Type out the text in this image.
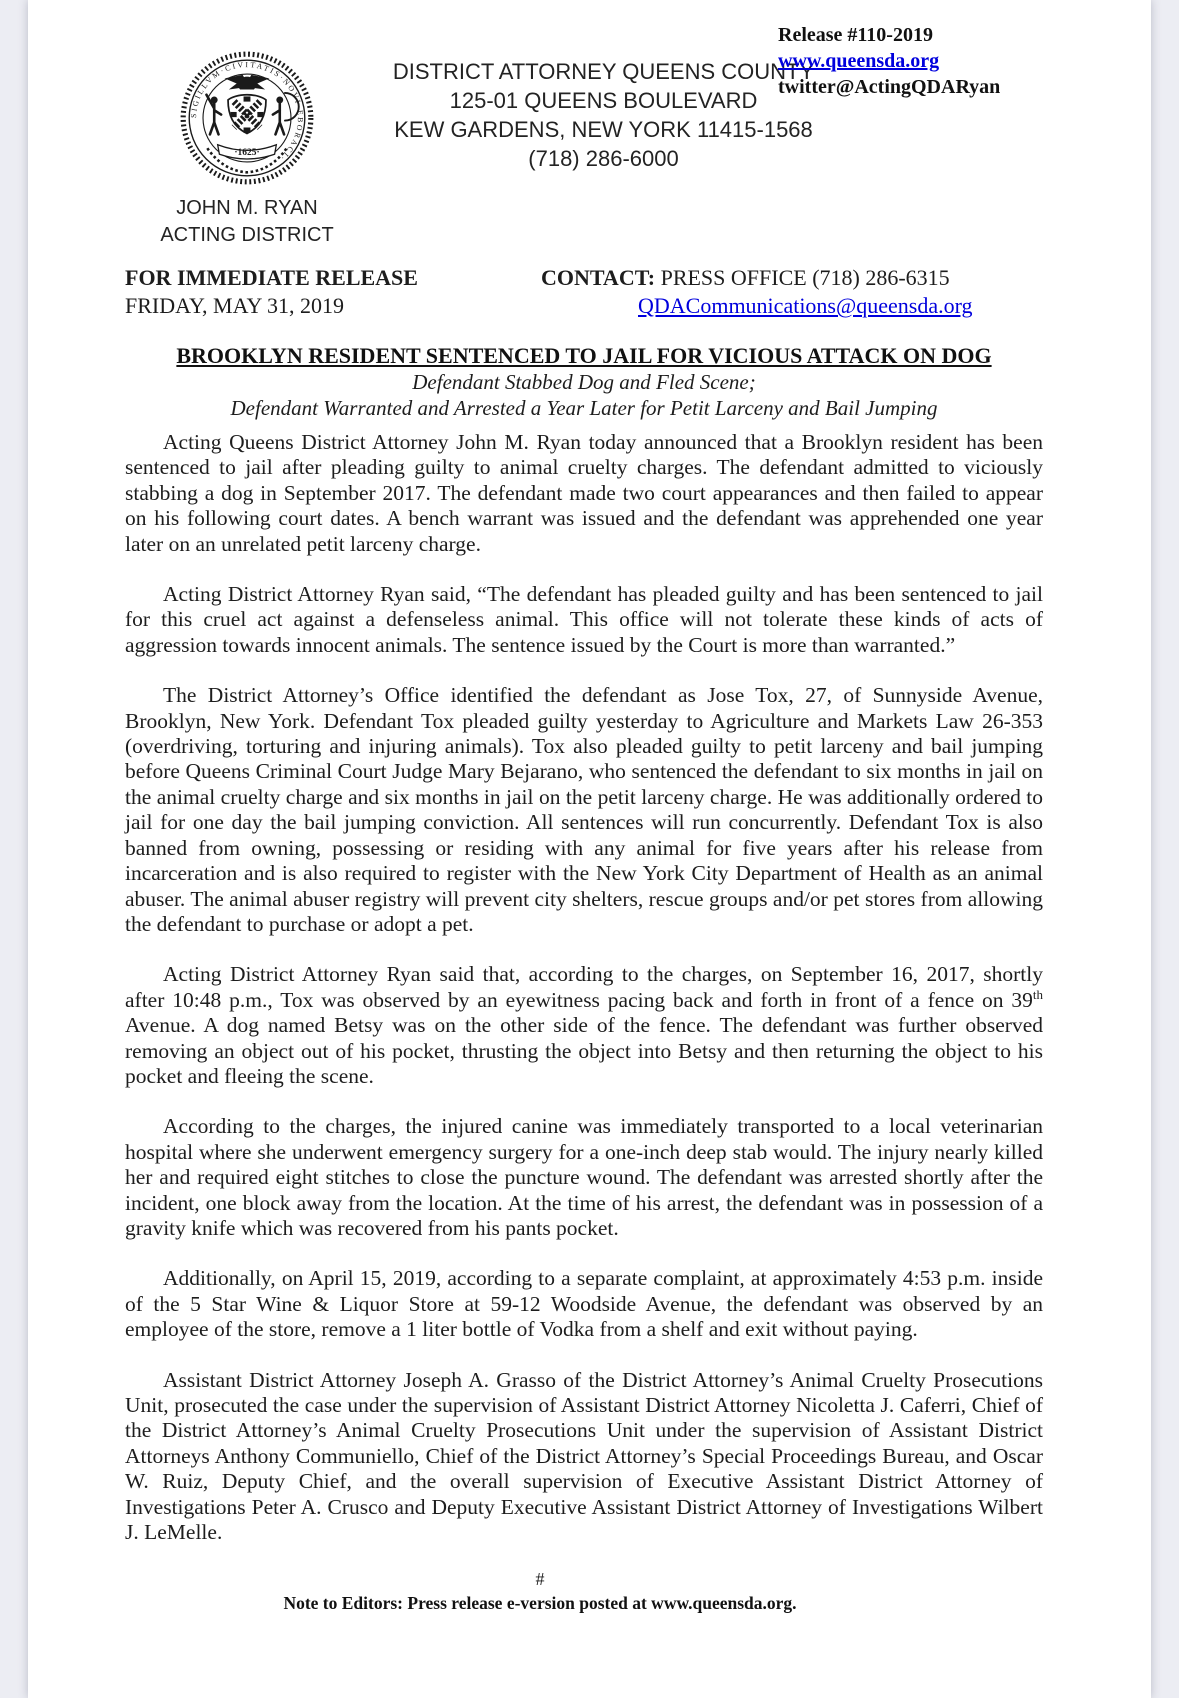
SIGILLVM·CIVITATIS·NOVI·EBORACI·
·1625·
JOHN M. RYAN
ACTING DISTRICT
DISTRICT ATTORNEY QUEENS COUNTY
125-01 QUEENS BOULEVARD
KEW GARDENS, NEW YORK 11415-1568
(718) 286-6000
Release #110-2019
www.queensda.org
twitter@ActingQDARyan
FOR IMMEDIATE RELEASE
FRIDAY, MAY 31, 2019
CONTACT: PRESS OFFICE (718) 286-6315
QDACommunications@queensda.org
BROOKLYN RESIDENT SENTENCED TO JAIL FOR VICIOUS ATTACK ON DOG
Defendant Stabbed Dog and Fled Scene;
Defendant Warranted and Arrested a Year Later for Petit Larceny and Bail Jumping

Acting Queens District Attorney John M. Ryan today announced that a Brooklyn resident has been sentenced to jail after pleading guilty to animal cruelty charges. The defendant admitted to viciously stabbing a dog in September 2017. The defendant made two court appearances and then failed to appear on his following court dates. A bench warrant was issued and the defendant was apprehended one year later on an unrelated petit larceny charge.

Acting District Attorney Ryan said, “The defendant has pleaded guilty and has been sentenced to jail for this cruel act against a defenseless animal. This office will not tolerate these kinds of acts of aggression towards innocent animals. The sentence issued by the Court is more than warranted.”

The District Attorney’s Office identified the defendant as Jose Tox, 27, of Sunnyside Avenue, Brooklyn, New York. Defendant Tox pleaded guilty yesterday to Agriculture and Markets Law 26-353 (overdriving, torturing and injuring animals). Tox also pleaded guilty to petit larceny and bail jumping before Queens Criminal Court Judge Mary Bejarano, who sentenced the defendant to six months in jail on the animal cruelty charge and six months in jail on the petit larceny charge. He was additionally ordered to jail for one day the bail jumping conviction. All sentences will run concurrently. Defendant Tox is also banned from owning, possessing or residing with any animal for five years after his release from incarceration and is also required to register with the New York City Department of Health as an animal abuser. The animal abuser registry will prevent city shelters, rescue groups and/or pet stores from allowing the defendant to purchase or adopt a pet.

Acting District Attorney Ryan said that, according to the charges, on September 16, 2017, shortly after 10:48 p.m., Tox was observed by an eyewitness pacing back and forth in front of a fence on 39th Avenue. A dog named Betsy was on the other side of the fence. The defendant was further observed removing an object out of his pocket, thrusting the object into Betsy and then returning the object to his pocket and fleeing the scene.

According to the charges, the injured canine was immediately transported to a local veterinarian hospital where she underwent emergency surgery for a one-inch deep stab would. The injury nearly killed her and required eight stitches to close the puncture wound. The defendant was arrested shortly after the incident, one block away from the location. At the time of his arrest, the defendant was in possession of a gravity knife which was recovered from his pants pocket.

Additionally, on April 15, 2019, according to a separate complaint, at approximately 4:53 p.m. inside of the 5 Star Wine & Liquor Store at 59-12 Woodside Avenue, the defendant was observed by an employee of the store, remove a 1 liter bottle of Vodka from a shelf and exit without paying.

Assistant District Attorney Joseph A. Grasso of the District Attorney’s Animal Cruelty Prosecutions Unit, prosecuted the case under the supervision of Assistant District Attorney Nicoletta J. Caferri, Chief of the District Attorney’s Animal Cruelty Prosecutions Unit under the supervision of Assistant District Attorneys Anthony Communiello, Chief of the District Attorney’s Special Proceedings Bureau, and Oscar W. Ruiz, Deputy Chief, and the overall supervision of Executive Assistant District Attorney of Investigations Peter A. Crusco and Deputy Executive Assistant District Attorney of Investigations Wilbert J. LeMelle.

#
Note to Editors: Press release e-version posted at www.queensda.org.
